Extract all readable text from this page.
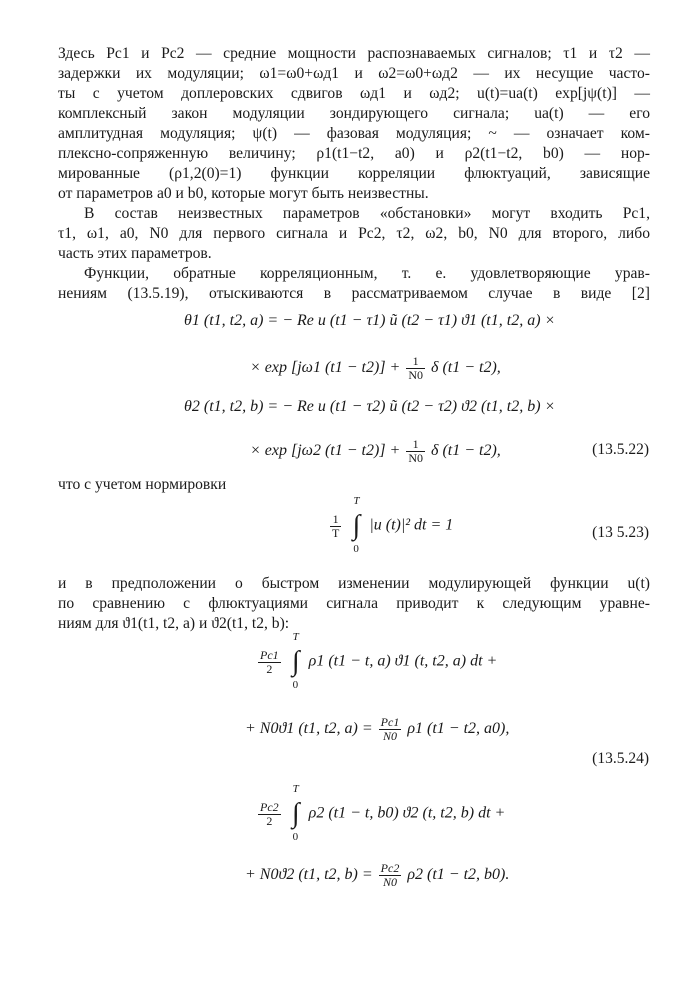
Здесь Pс1 и Pс2 — средние мощности распознаваемых сигналов; τ1 и τ2 —
задержки их модуляции; ω1=ω0+ωд1 и ω2=ω0+ωд2 — их несущие часто-
ты с учетом доплеровских сдвигов ωд1 и ωд2; u(t)=ua(t) exp[jψ(t)] —
комплексный закон модуляции зондирующего сигнала; ua(t) — его
амплитудная модуляция; ψ(t) — фазовая модуляция; ~ — означает ком-
плексно-сопряженную величину; ρ1(t1−t2, a0) и ρ2(t1−t2, b0) — нор-
мированные (ρ1,2(0)=1) функции корреляции флюктуаций, зависящие
от параметров a0 и b0, которые могут быть неизвестны.
В состав неизвестных параметров «обстановки» могут входить Pс1,
τ1, ω1, a0, N0 для первого сигнала и Pс2, τ2, ω2, b0, N0 для второго, либо
часть этих параметров.
Функции, обратные корреляционным, т. е. удовлетворяющие урав-
нениям (13.5.19), отыскиваются в рассматриваемом случае в виде [2]
θ1 (t1, t2, a) = − Re u (t1 − τ1) ũ (t2 − τ1) ϑ1 (t1, t2, a) ×
× exp [jω1 $(t1 - t2)] + \frac{1}{N0}$ δ (t1 − t2),
θ2 (t1, t2, b) = − Re u (t1 − τ2) ũ (t2 − τ2) ϑ2 (t1, t2, b) ×
× exp [jω2 $(t1 - t2)] + \frac{1}{N0}$ δ (t1 − t2),	(13.5.22)
что с учетом нормировки
$\frac{1}{T}$ ∫
T
0
|u (t)|² dt = 1	(13 5.23)
и в предположении о быстром изменении модулирующей функции u(t)
по сравнению с флюктуациями сигнала приводит к следующим уравне-
ниям для ϑ1(t1, t2, a) и ϑ2(t1, t2, b):
$\frac{Pс1}{2}$ ∫
T
0
ρ1 (t1 − t, a) ϑ1 (t, t2, a) dt +
+ N0ϑ1 (t1, t2, $a) = \frac{Pс1}{N0} \rho 1$ (t1 − t2, a0),
(13.5.24)
$\frac{Pс2}{2}$ ∫
T
0
ρ2 (t1 − t, b0) ϑ2 (t, t2, b) dt +
+ N0ϑ2 (t1, t2, $b) = \frac{Pс2}{N0} \rho 2$ (t1 − t2, b0).
